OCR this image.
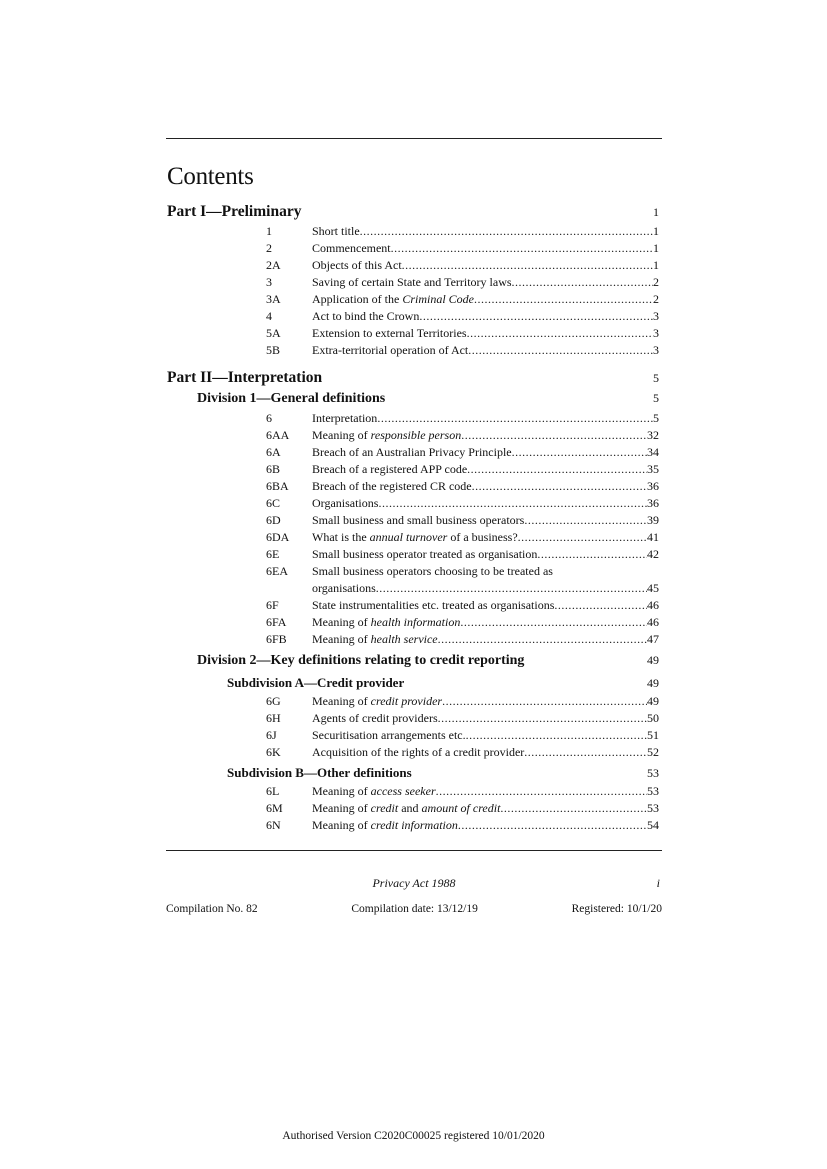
Contents
Part I—Preliminary	1
1	Short title .....	1
2	Commencement .....	1
2A	Objects of this Act .....	1
3	Saving of certain State and Territory laws .....	2
3A	Application of the Criminal Code .....	2
4	Act to bind the Crown .....	3
5A	Extension to external Territories .....	3
5B	Extra-territorial operation of Act .....	3
Part II—Interpretation	5
Division 1—General definitions	5
6	Interpretation .....	5
6AA	Meaning of responsible person .....	32
6A	Breach of an Australian Privacy Principle .....	34
6B	Breach of a registered APP code .....	35
6BA	Breach of the registered CR code .....	36
6C	Organisations .....	36
6D	Small business and small business operators .....	39
6DA	What is the annual turnover of a business? .....	41
6E	Small business operator treated as organisation .....	42
6EA	Small business operators choosing to be treated as
organisations .....	45
6F	State instrumentalities etc. treated as organisations .....	46
6FA	Meaning of health information .....	46
6FB	Meaning of health service .....	47
Division 2—Key definitions relating to credit reporting	49
Subdivision A—Credit provider	49
6G	Meaning of credit provider .....	49
6H	Agents of credit providers .....	50
6J	Securitisation arrangements etc. .....	51
6K	Acquisition of the rights of a credit provider .....	52
Subdivision B—Other definitions	53
6L	Meaning of access seeker .....	53
6M	Meaning of credit and amount of credit .....	53
6N	Meaning of credit information .....	54
Privacy Act 1988	i
Compilation No. 82	Compilation date: 13/12/19	Registered: 10/1/20
Authorised Version C2020C00025 registered 10/01/2020
